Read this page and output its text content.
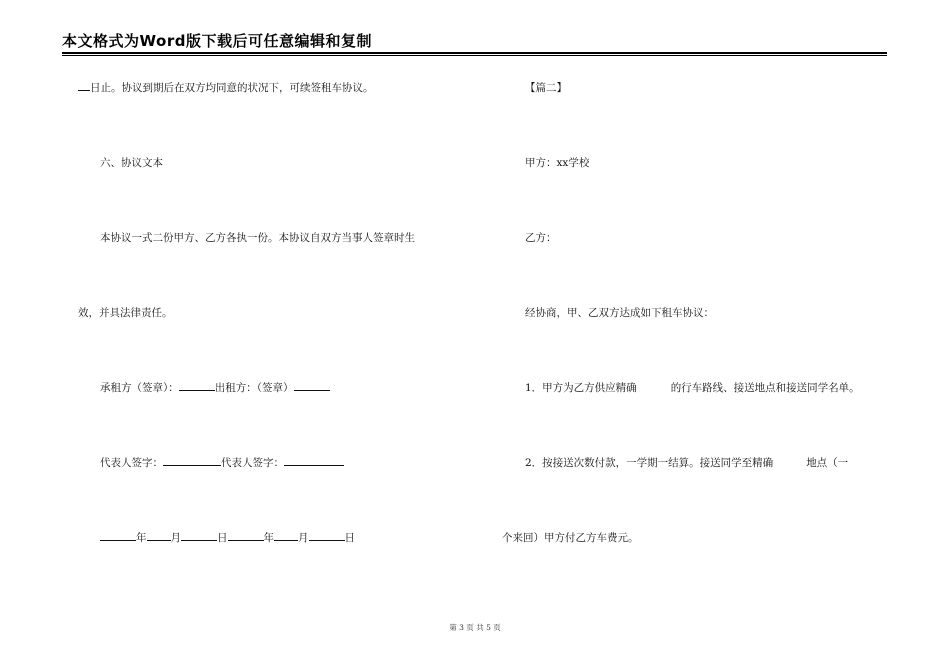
本文格式为Word版下载后可任意编辑和复制
日止。协议到期后在双方均同意的状况下，可续签租车协议。
六、协议文本
本协议一式二份甲方、乙方各执一份。本协议自双方当事人签章时生
效，并具法律责任。
承租方（签章）：	出租方：（签章）
代表人签字：	代表人签字：
年 月	日	年 月	日
【篇二】
甲方：xx学校
乙方：
经协商，甲、乙双方达成如下租车协议：
1．甲方为乙方供应精确	的行车路线、接送地点和接送同学名单。
2．按接送次数付款，一学期一结算。接送同学至精确	地点（一
个来回）甲方付乙方车费元。
第 3 页 共 5 页
